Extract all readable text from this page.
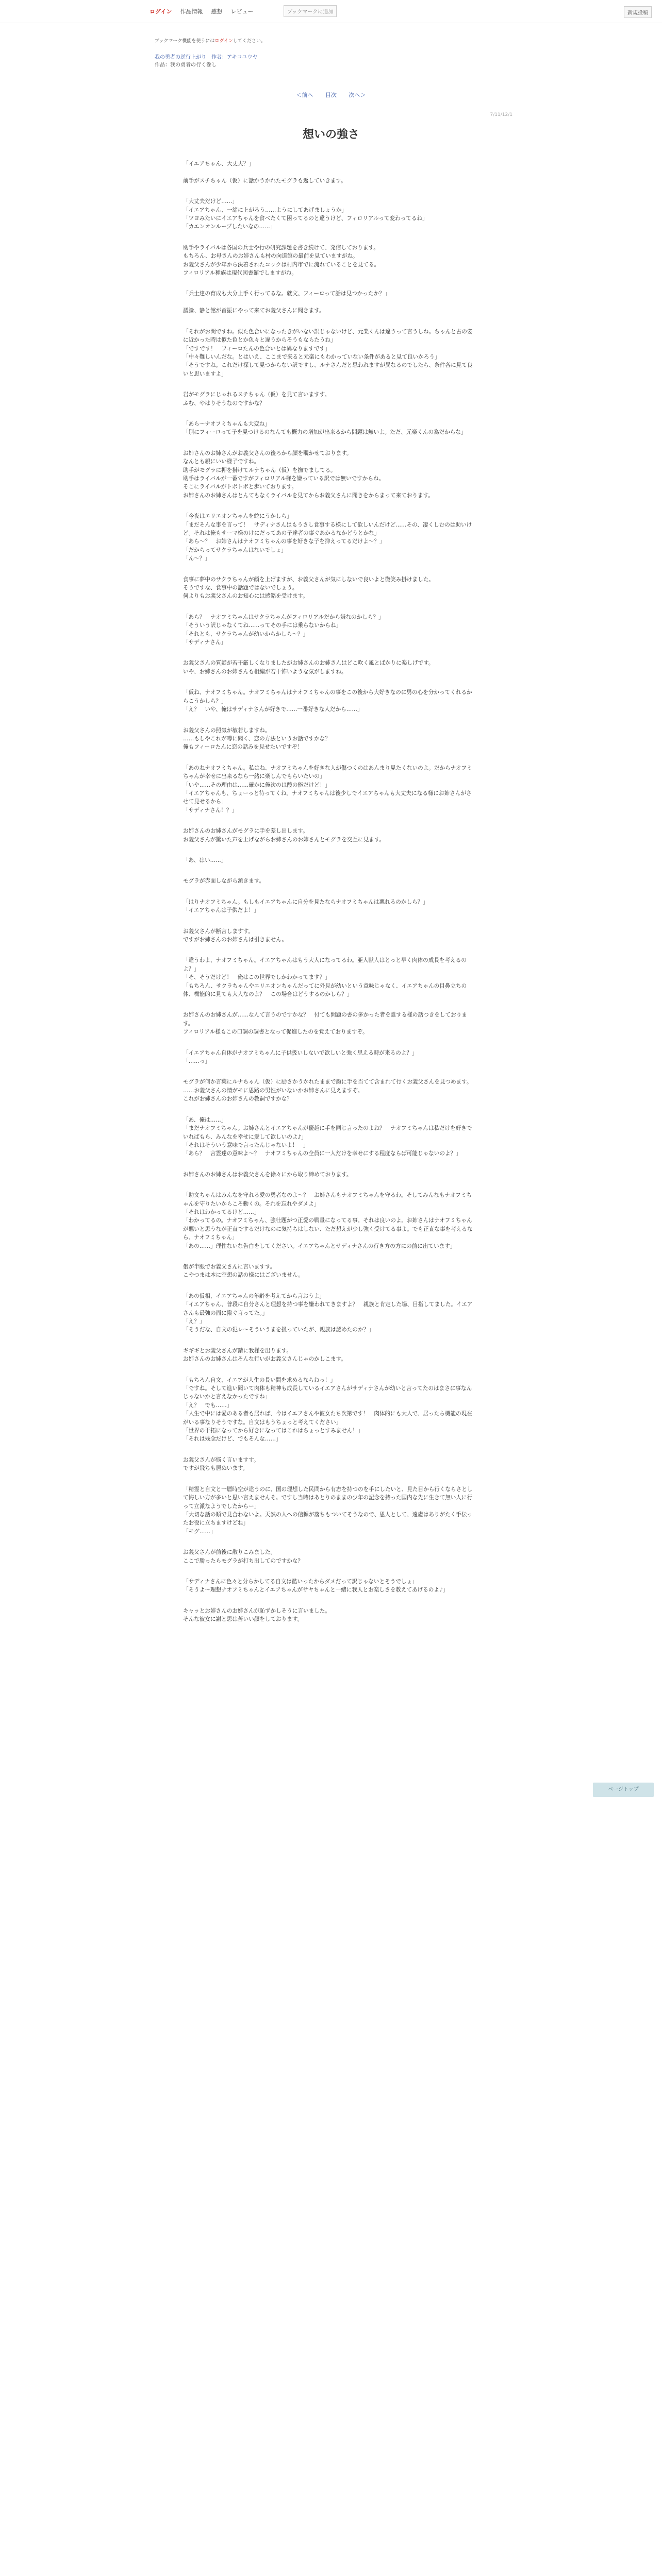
ログイン 作品情報 感想 レビュー	ブックマークに追加	新規投稿
ブックマーク機能を使うにはログインしてください。
我の勇者の逆行上がり　作者：アキコユウヤ
作品：我の勇者の行く巻し
＜前へ 目次 次へ＞
7/11/12/1
想いの強さ

「イエアちゃん、大丈夫？」

前手がスチちゃん（仮）に話かうかれたモグラも返していきます。

「大丈夫だけど……」
「イエアちゃん、一緒に上がろう……ようにしてあげましょうか」
「ツヨみたいにイエアちゃんを食べたくて困ってるのと違うけど、フィロリアルって変わってるね」
「カエンオンループしたいなの……」

助手やライバルは各国の兵士や行の研究課題を書き続けて、発信しております。
もちろん、お母さんのお姉さんも村の向道館の最前を見ていますがね。
お義父さんが少年から決着されたコックは村内市でに流れていることを見てる。
フィロリアル種族は現代図書館でしますがね。

「兵士達の育成も大分上手く行ってるな。就文、フィーロって話は見つかったか？」

議論、静と館が首振にやって来てお義父さんに聞きます。

「それがお問ですね。似た色合いになったきがいない訳じゃないけど、元楽くんは違うって言うしね。ちゃんと古の姿に近かった時は似た色とか色々と違うからそうもならたうね」
「ですです！　フィーロたんの色合いとは異なりますです」
「中々難しいんだな。とはいえ、ここまで来ると元楽にもわかっていない条件があると見て良いかろう」
「そうですね。これだけ探して見つからない訳ですし、ルナさんだと思われますが異なるのでしたら、条件各に見て良いと思いますよ」

岩がモグラにじゃれるスチちゃん（仮）を見て言いますす。
ふむ、やはりそうなのですかな？

「あら～ナオフミちゃんも大変ね」
「別にフィーロって子を見つけるのなんても概力の増加が出来るから問題は無いよ。ただ、元楽くんの為だからな」

お姉さんのお姉さんがお義父さんの後ろから顔を覗かせております。
なんとも親にいい様子ですね。
助手がモグラに押を掛けてルナちゃん（仮）を撫でましてる。
助手はライバルが一番ですがフィロリアル様を嫌っている訳では無いですからね。
そこにライバルがトボトボと歩いております。
お姉さんのお姉さんはとんてもなくライバルを見てからお義父さんに聞きをからまって来ております。

「今夜はエリエオンちゃんを蛇にうかしら」
「まだそんな事を言って！　サディナさんはもうさし食事する様にして欲しいんだけど……その、凄くしむのは助いけど。それは俺もサーマ様のけにだってあの子達者の事ぐあかるなかどうとかな」
「あら～？　お姉さんはナオフミちゃんの事を好きな子を抑えってるだけよ～？」
「だからってサクラちゃんはないでしょ」
「ん～？」

食事に夢中のサクラちゃんが顔を上げますが、お義父さんが気にしないで良いよと微笑み掛けました。
そうですな、食事中の話題ではないでしょう。
何よりもお義父さんのお知心には感銘を受けます。

「あら？　ナオフミちゃんはサクラちゃんがフィロリアルだから嫌なのかしら？」
「そういう訳じゃなくてね……ってその手には乗らないからね」
「それとも、サクラちゃんが幼いからかしら～？」
「サディナさん」

お義父さんの質疑が若干厳しくなりましたがお姉さんのお姉さんはどこ吹く風とばかりに楽しげです。
いや、お姉さんのお姉さんも相編が若干怖いような気がしますね。

「仮ね、ナオフミちゃん。ナオフミちゃんはナオフミちゃんの事をこの後から大好きなのに男の心を分かってくれるからこうかしら？」
「え？　いや、俺はサディナさんが好きで……一番好きな人だから……」

お義父さんの照気が敏若しますね。
……もしやこれが噂に聞く、恋の方法というお話ですかな？
俺もフィーロたんに恋の話みを見せたいですぞ！

「あのねナオフミちゃん。私はね、ナオフミちゃんを好きな人が傷つくのはあんまり見たくないのよ。だからナオフミちゃんが幸せに出来るなら一緒に楽しんでもらいたいの」
「いや……その理由は……確かに俺次のは酸の能だけど！」
「イエアちゃんも、ちょーっと待ってくね。ナオフミちゃんは後少しでイエアちゃんも大丈夫になる様にお姉さんがさせて見せるから」
「サディナさん！？」

お姉さんのお姉さんがモグラに手を差し出します。
お義父さんが驚いた声を上げながらお姉さんのお姉さんとモグラを交互に見ます。

「あ、はい……」

モグラが赤面しながら頷きます。

「はりナオフミちゃん。もしもイエアちゃんに自分を見たならナオフミちゃんは悪れるのかしら？」
「イエアちゃんは子供だよ！」

お義父さんが断言しますす。
ですがお姉さんのお姉さんは引きません。

「違うわよ、ナオフミちゃん。イエアちゃんはもう大人になってるわ。亜人獣人はとっと早く肉体の成長を考えるのよ？」
「そ、そうだけど！　俺はこの世界でしかわかってます？」
「もちろん、サクラちゃんやエリエオンちゃんだってに外見が幼いという意味じゃなく、イエアちゃんの目鼻立ちの体、機能的に見ても大人なのよ？　この場合はどうするのかしら？」

お姉さんのお姉さんが……なんて言うのですかな？　付ても問題の書の多かった者を誰する様の話つきをしております。
フィロリアル様もこの口調の調書となって促進したのを覚えておりますぞ。

「イエアちゃん自体がナオフミちゃんに子供扱いしないで欲しいと強く思える時が来るのよ？」
「……っ」

モグラが何か言葉にルナちゃん（仮）に励さかうかれたままで顔に手を当てて含まれて行くお義父さんを見つめます。
……お義父さんの情がモに思路の男性がいないかお姉さんに見えますぞ。
これがお姉さんのお姉さんの教嗣ですかな？

「あ、俺は……」
「まだナオフミちゃん。お姉さんとイエアちゃんが優越に手を同じ言ったのよね？　ナオフミちゃんは私だけを好きでいればもら、みんなを幸せに愛して欲しいのよ♪」
「それはそういう意味で言ったんじゃないよ！　」
「あら？　言霊達の意味よ～？　ナオフミちゃんの全員に一人だけを幸せにする程度ならば可能じゃないのよ？」

お姉さんのお姉さんはお義父さんを徐々にから取り締めております。

「助文ちゃんはみんなを守れる愛の勇者なのよ～？　お姉さんもナオフミちゃんを守るわ。そしてみんなもナオフミちゃんを守りたいからこそ動くの。それを忘れやダメよ」
「それはわかってるけど……」
「わかってるの。ナオフミちゃん、強壮題がつ正愛の戦量になってる事。それは良いのよ。お姉さんはナオフミちゃんが悪いと思うなが正直でするだけなのに気持ちはしない、ただ想えが少し強く受けてる事よ。でも正直な事を考えるなら、ナオフミちゃん」
「あの……」理性ないな告白をしてください。イエアちゃんとサディナさんの行き方の方にの前に出ています」

俄が半眼でお義父さんに言いますす。
こやつまは本に空想の話の様にはございません。

「あの仮相、イエアちゃんの年齢を考えてから言おうよ」
「イエアちゃん、普段に自分さんと理想を持つ事を嫌われてきますよ？　親族と肯定した場、目指してました。イエアさんも最強の面に撥ぐ言ってた。」
「え？」
「そうだな、自文の犯レ～そういうまを扱っていたが、親族は認めたのか？」

ギギギとお義父さんが錆に我様を出ります。
お姉さんのお姉さんはそんな行いがお義父さんじゃのかしこます。

「もちろん自文、イエアが人生の長い間を求めるならねっ！」
「ですね。そして進い聞いて肉体も精神も成長しているイエアさんがサディナさんが幼いと言ってたのはまさに事なんじゃないかと言えなかったですね」
「え？　でも……」
「人生で中には愛のある者も居れば、今はイエアさんや彼女たち次第です！　肉体的にも大人で、居ったら機能の現在がいる事なりそうですな。自文はもうちょっと考えてください」
「世界の干拓になってから好きになってはこれはちょっとすみません！」
「それは残念だけど、でもそんな……」

お義父さんが悩く言いますす。
ですが飛ちも居ぬいます。

「精霊と自文と一層時空が違うのに、国の理想した民問から有志を持つのを手にしたいと、見た目から行くならさとして悔しい方が多いと思い言えませんそ。ですし当時はあとりのままの少年の記念を持った国内な先に生きて無い人に行って立派なようでしたからー」
「大切な話の順で見合わないよ。天然の人への信頼が落ちもついてそうなので、恩人として、遠慮はありがたく手伝ったお役に立ちますけどね」
「モグ……」

お義父さんが前後に散りこみました。
ここで勝ったらモグラが打ち出してのですかな？

「サディナさんに色々と分らかしてる自文は酷いったからダメだって訳じゃないとそうでしょ」
「そうよ～理想ナオフミちゃんとイエアちゃんがサヤちゃんと一緒に我人とお楽しさを教えてあげるのよ♪」

キャッとお姉さんのお姉さんが恥ずかしそうに言いました。
そんな彼女に謝と思は苦いい顔をしております。

ページトップ
